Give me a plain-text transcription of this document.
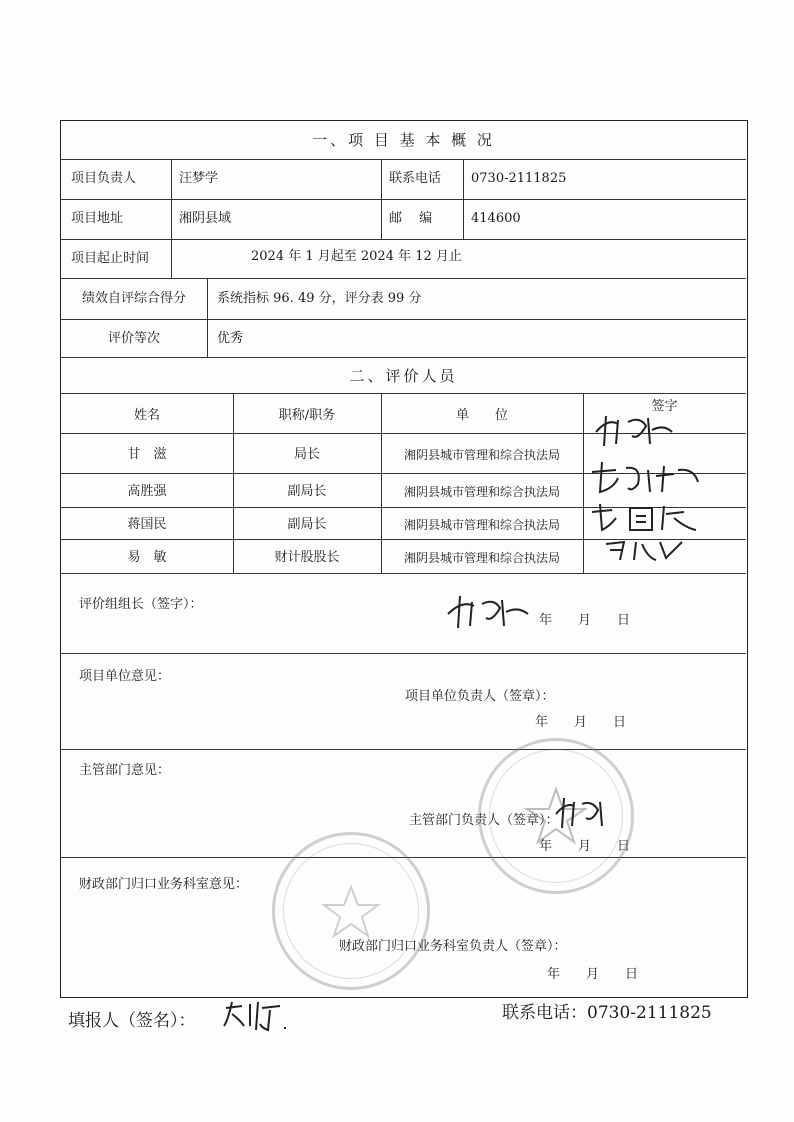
一、项 目 基 本 概 况
项目负责人	汪梦学	联系电话 0730-2111825
项目地址	湘阴县域	邮　 编	414600
项目起止时间	2024 年 1 月起至 2024 年 12 月止
绩效自评综合得分	系统指标 96. 49 分，评分表 99 分
评价等次	优秀
二、评价人员
姓名	职称/职务	单　　位
签字
甘　滋	局长	湘阴县城市管理和综合执法局
高胜强	副局长	湘阴县城市管理和综合执法局
蒋国民	副局长	湘阴县城市管理和综合执法局
易　敏	财计股股长	湘阴县城市管理和综合执法局
评价组组长（签字）：
年　　月　　日
项目单位意见：
项目单位负责人（签章）：
年　　月　　日
主管部门意见：
主管部门负责人（签章）：
年　　月　　日
财政部门归口业务科室意见：
财政部门归口业务科室负责人（签章）：
年　　月　　日
填报人（签名）：	联系电话：0730-2111825
